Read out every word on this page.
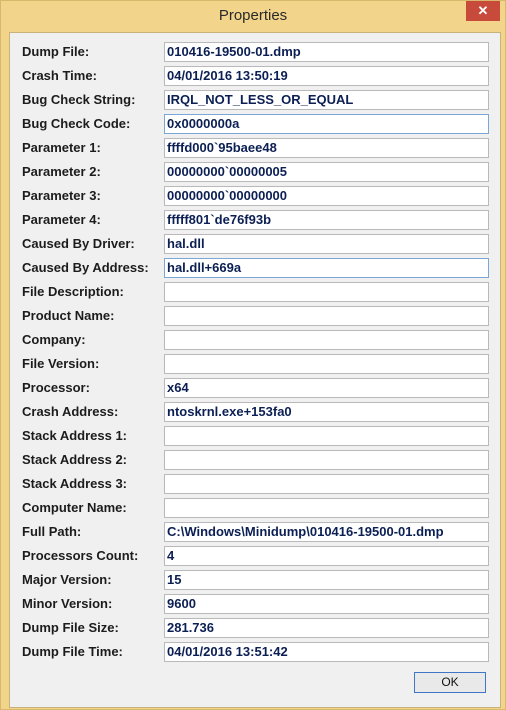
Properties	✕
Dump File:	010416-19500-01.dmp
Crash Time:	04/01/2016 13:50:19
Bug Check String: IRQL_NOT_LESS_OR_EQUAL
Bug Check Code:	0x0000000a
Parameter 1:	ffffd000`95baee48
Parameter 2:	00000000`00000005
Parameter 3:	00000000`00000000
Parameter 4:	fffff801`de76f93b
Caused By Driver: hal.dll
Caused By Address: hal.dll+669a
File Description:
Product Name:
Company:
File Version:
Processor:	x64
Crash Address:	ntoskrnl.exe+153fa0
Stack Address 1:
Stack Address 2:
Stack Address 3:
Computer Name:
Full Path:	C:\Windows\Minidump\010416-19500-01.dmp
Processors Count: 4
Major Version:	15
Minor Version:	9600
Dump File Size:	281.736
Dump File Time:	04/01/2016 13:51:42
OK
